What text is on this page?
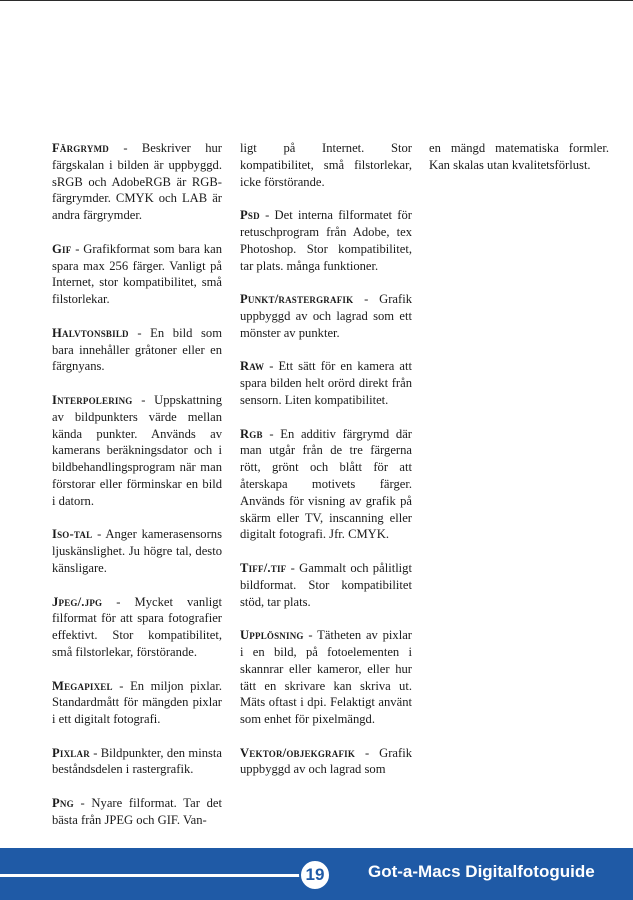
Färgrymd - Beskriver hur färgskalan i bilden är uppbyggd. sRGB och AdobeRGB är RGB-färgrymder. CMYK och LAB är andra färgrymder.

Gif - Grafikformat som bara kan spara max 256 färger. Vanligt på Internet, stor kompatibilitet, små filstorlekar.

Halvtonsbild - En bild som bara innehåller gråtoner eller en färgnyans.

Interpolering - Uppskattning av bildpunkters värde mellan kända punkter. Används av kamerans beräkningsdator och i bildbehandlingsprogram när man förstorar eller förminskar en bild i datorn.

Iso-tal - Anger kamerasensorns ljuskänslighet. Ju högre tal, desto känsligare.

Jpeg/.jpg - Mycket vanligt filformat för att spara fotografier effektivt. Stor kompatibilitet, små filstorlekar, förstörande.

Megapixel - En miljon pixlar. Standardmått för mängden pixlar i ett digitalt fotografi.

Pixlar - Bildpunkter, den minsta beståndsdelen i rastergrafik.

Png - Nyare filformat. Tar det bästa från JPEG och GIF. Van-

ligt på Internet. Stor kompatibilitet, små filstorlekar, icke förstörande.

Psd - Det interna filformatet för retuschprogram från Adobe, tex Photoshop. Stor kompatibilitet, tar plats. många funktioner.

Punkt/rastergrafik - Grafik uppbyggd av och lagrad som ett mönster av punkter.

Raw - Ett sätt för en kamera att spara bilden helt orörd direkt från sensorn. Liten kompatibilitet.

Rgb - En additiv färgrymd där man utgår från de tre färgerna rött, grönt och blått för att återskapa motivets färger. Används för visning av grafik på skärm eller TV, inscanning eller digitalt fotografi. Jfr. CMYK.

Tiff/.tif - Gammalt och pålitligt bildformat. Stor kompatibilitet stöd, tar plats.

Upplösning - Tätheten av pixlar i en bild, på fotoelementen i skannrar eller kameror, eller hur tätt en skrivare kan skriva ut. Mäts oftast i dpi. Felaktigt använt som enhet för pixelmängd.

Vektor/objekgrafik - Grafik uppbyggd av och lagrad som

en mängd matematiska formler. Kan skalas utan kvalitetsförlust.

19	Got-a-Macs Digitalfotoguide
